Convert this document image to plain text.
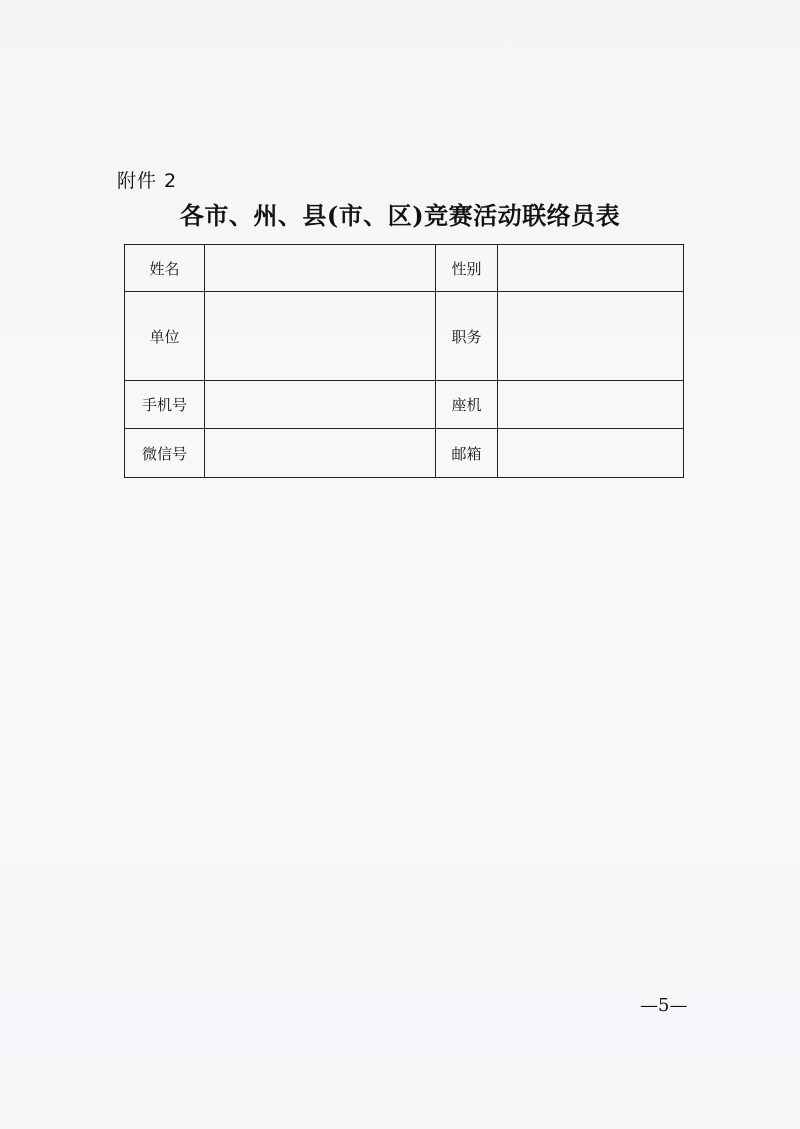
附件 2
各市、州、县(市、区)竞赛活动联络员表
姓名		性别	
单位		职务	
手机号		座机	
微信号		邮箱	
—5—
